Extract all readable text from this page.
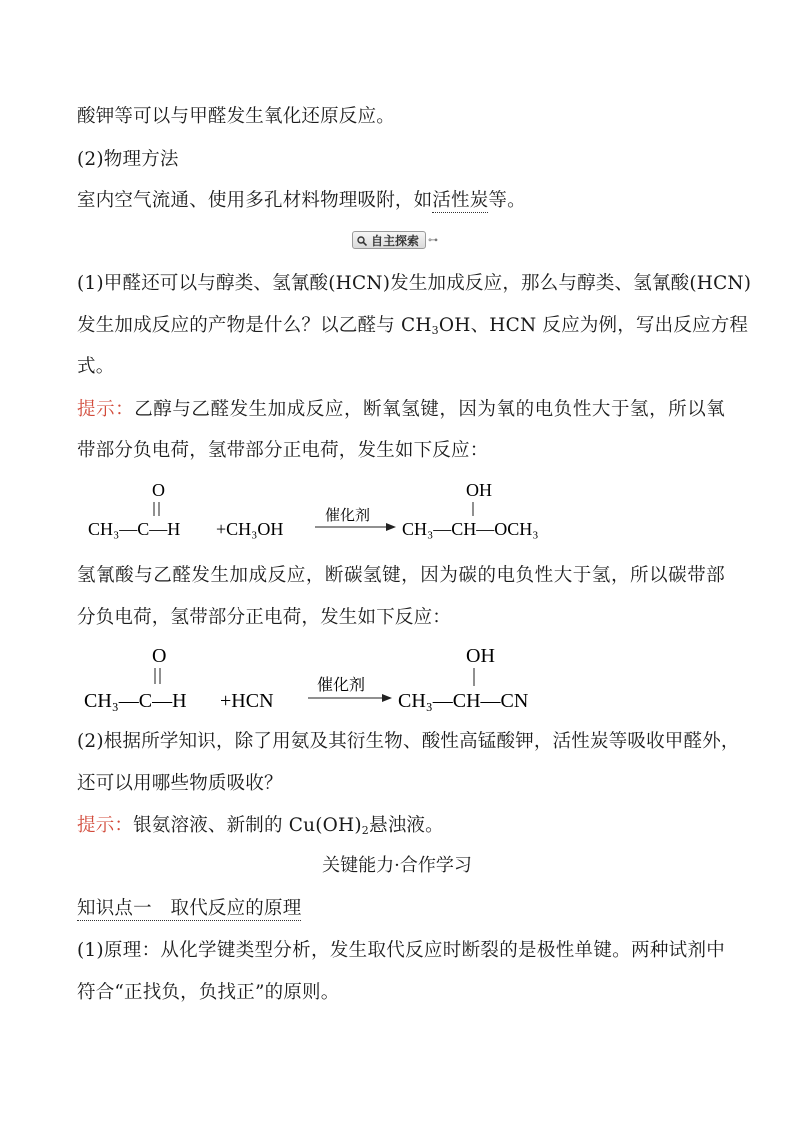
酸钾等可以与甲醛发生氧化还原反应。
(2)物理方法
室内空气流通、使用多孔材料物理吸附，如活性炭等。
自主探索 ⊶
(1)甲醛还可以与醇类、氢氰酸(HCN)发生加成反应，那么与醇类、氢氰酸(HCN)
发生加成反应的产物是什么？以乙醛与 $CH_3OH$、HCN 反应为例，写出反应方程
式。
提示：乙醇与乙醛发生加成反应，断氧氢键，因为氧的电负性大于氢，所以氧
带部分负电荷，氢带部分正电荷，发生如下反应：
O
CH₃—C—H +CH₃OH
催化剂
CH₃—CH—OCH₃
OH
氢氰酸与乙醛发生加成反应，断碳氢键，因为碳的电负性大于氢，所以碳带部
分负电荷，氢带部分正电荷，发生如下反应：
O
CH₃—C—H +HCN
催化剂
CH₃—CH—CN
OH
(2)根据所学知识，除了用氨及其衍生物、酸性高锰酸钾，活性炭等吸收甲醛外，
还可以用哪些物质吸收？
提示：银氨溶液、新制的 $Cu(OH)_2$悬浊液。
关键能力·合作学习
知识点一　取代反应的原理
(1)原理：从化学键类型分析，发生取代反应时断裂的是极性单键。两种试剂中
符合“正找负，负找正”的原则。
